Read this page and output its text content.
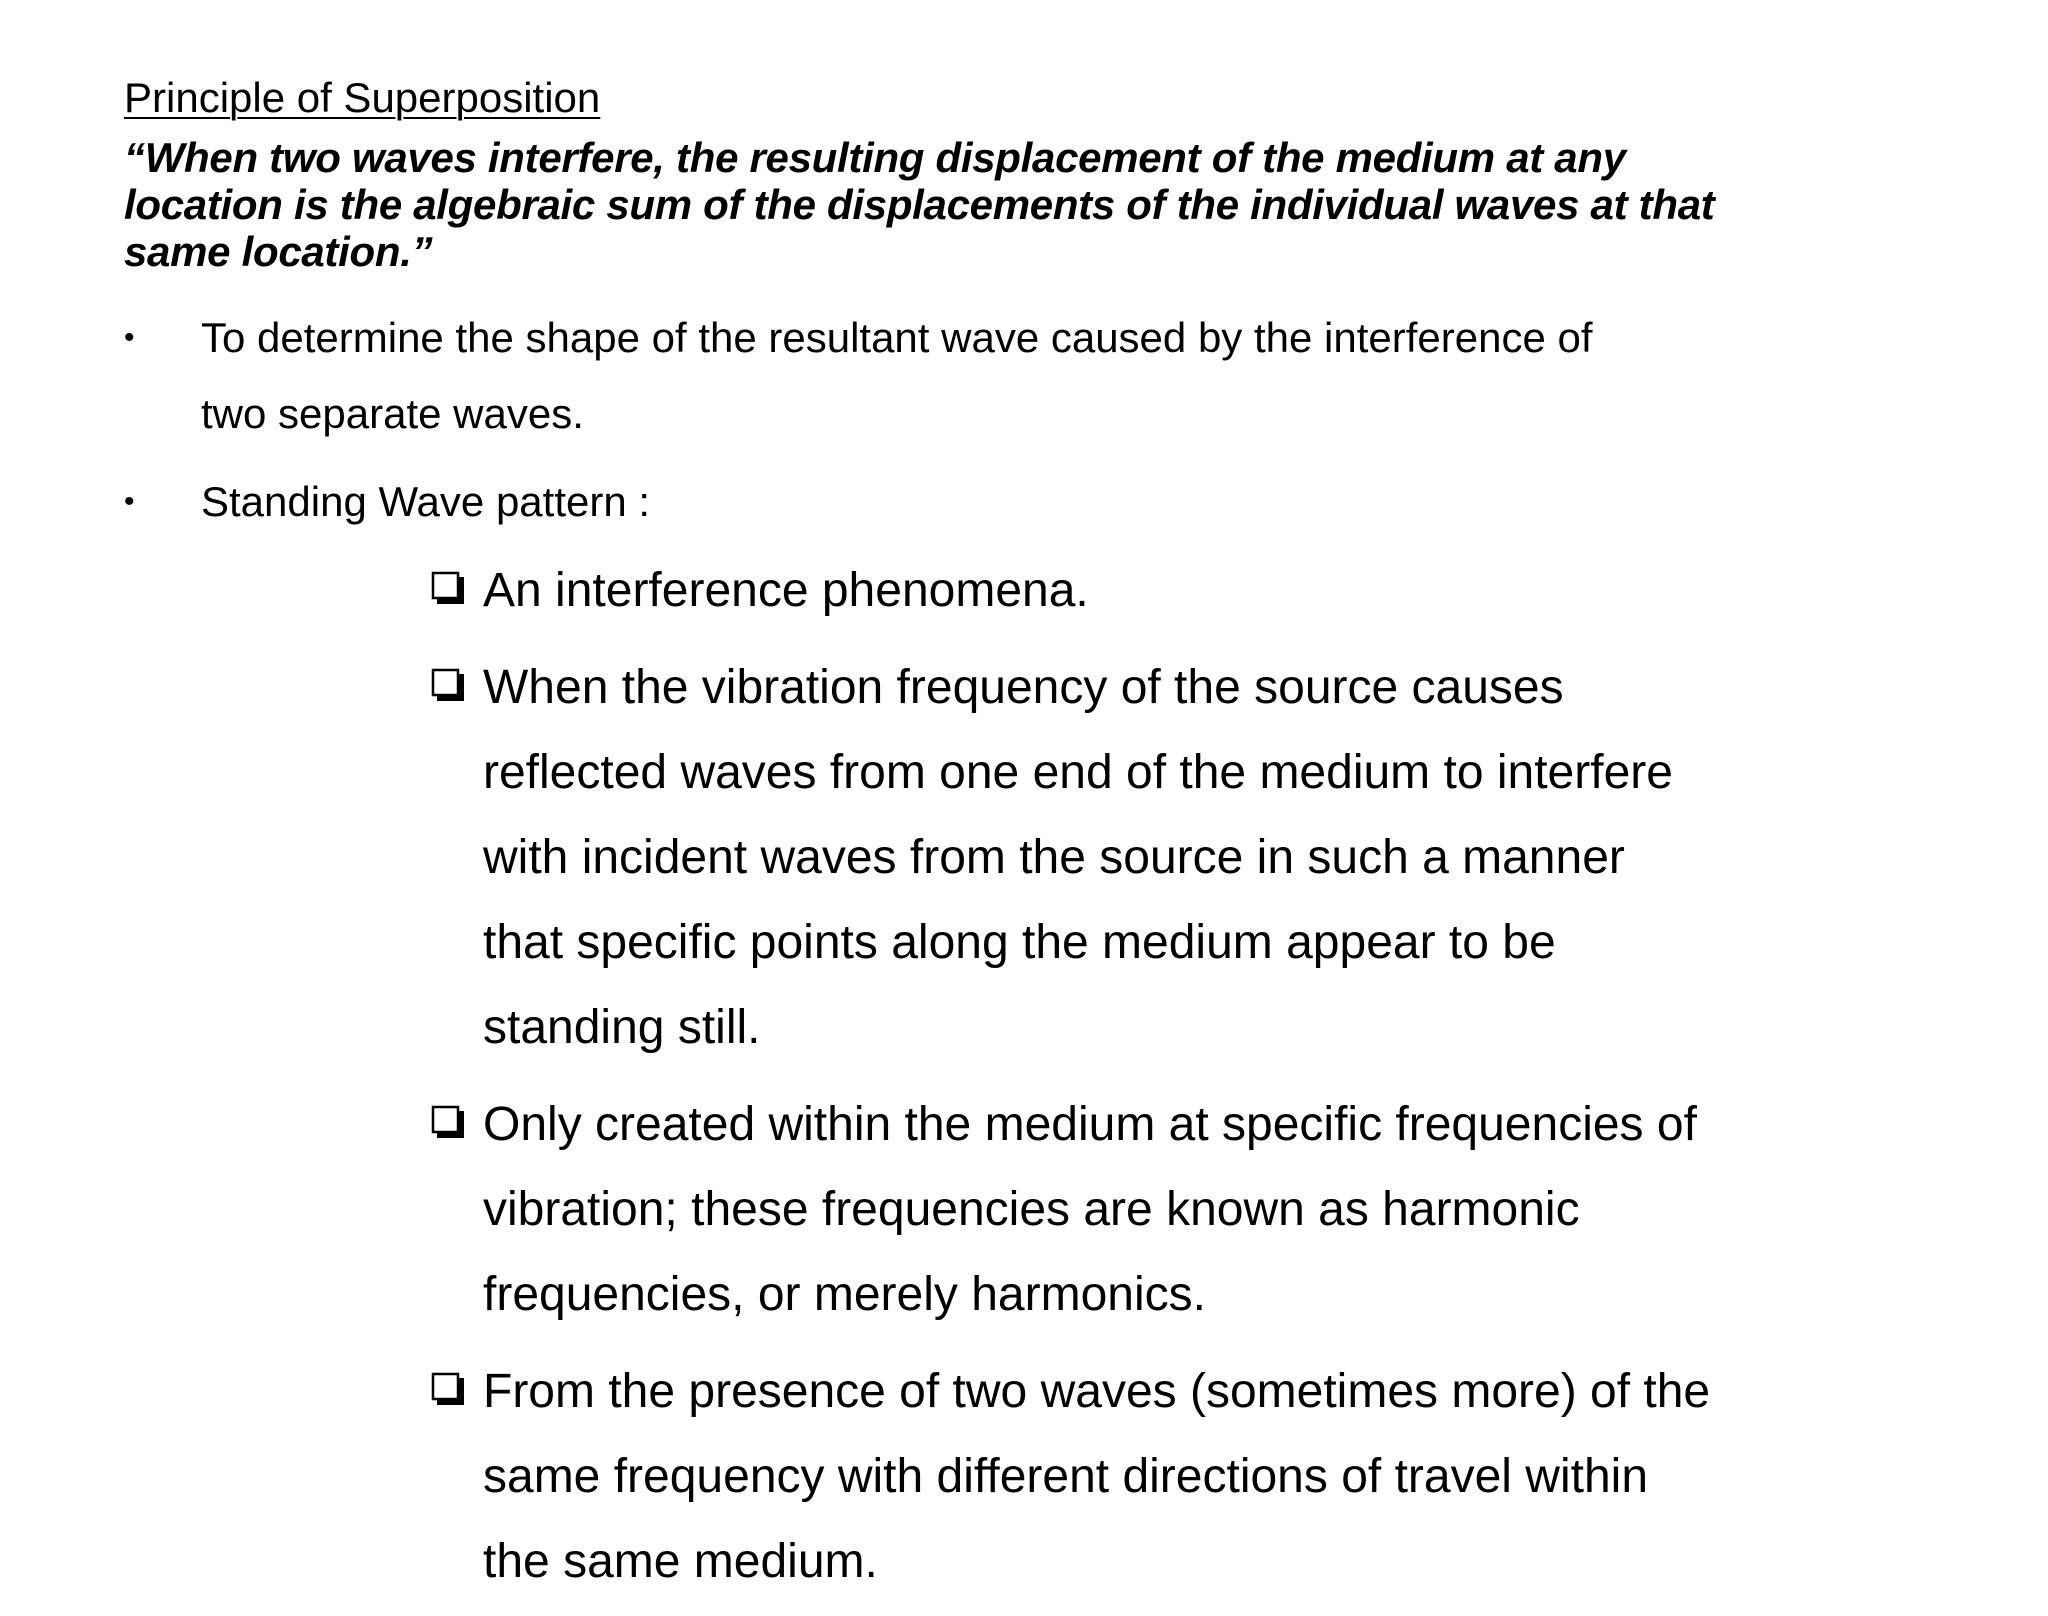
Principle of Superposition
“When two waves interfere, the resulting displacement of the medium at any
location is the algebraic sum of the displacements of the individual waves at that
same location.”
• To determine the shape of the resultant wave caused by the interference of
two separate waves.
• Standing Wave pattern :
An interference phenomena.
When the vibration frequency of the source causes
reflected waves from one end of the medium to interfere
with incident waves from the source in such a manner
that specific points along the medium appear to be
standing still.
Only created within the medium at specific frequencies of
vibration; these frequencies are known as harmonic
frequencies, or merely harmonics.
From the presence of two waves (sometimes more) of the
same frequency with different directions of travel within
the same medium.
